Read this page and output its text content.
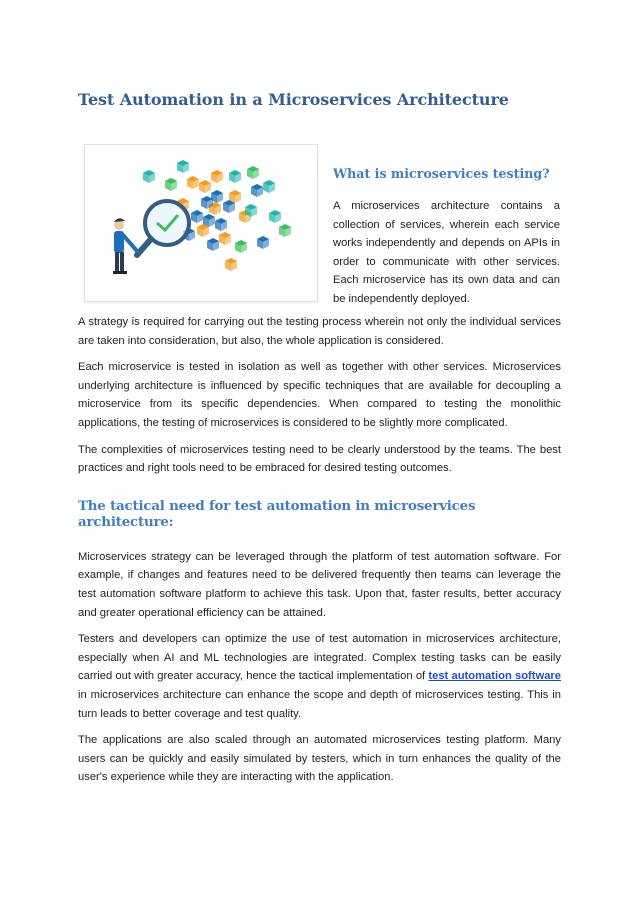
Test Automation in a Microservices Architecture
What is microservices testing?

A microservices architecture contains a collection of services, wherein each service works independently and depends on APIs in order to communicate with other services. Each microservice has its own data and can be independently deployed.

A strategy is required for carrying out the testing process wherein not only the individual services are taken into consideration, but also, the whole application is considered.

Each microservice is tested in isolation as well as together with other services. Microservices underlying architecture is influenced by specific techniques that are available for decoupling a microservice from its specific dependencies. When compared to testing the monolithic applications, the testing of microservices is considered to be slightly more complicated.

The complexities of microservices testing need to be clearly understood by the teams. The best practices and right tools need to be embraced for desired testing outcomes.

The tactical need for test automation in microservices architecture:

Microservices strategy can be leveraged through the platform of test automation software. For example, if changes and features need to be delivered frequently then teams can leverage the test automation software platform to achieve this task. Upon that, faster results, better accuracy and greater operational efficiency can be attained.

Testers and developers can optimize the use of test automation in microservices architecture, especially when AI and ML technologies are integrated. Complex testing tasks can be easily carried out with greater accuracy, hence the tactical implementation of test automation software in microservices architecture can enhance the scope and depth of microservices testing. This in turn leads to better coverage and test quality.

The applications are also scaled through an automated microservices testing platform. Many users can be quickly and easily simulated by testers, which in turn enhances the quality of the user's experience while they are interacting with the application.
